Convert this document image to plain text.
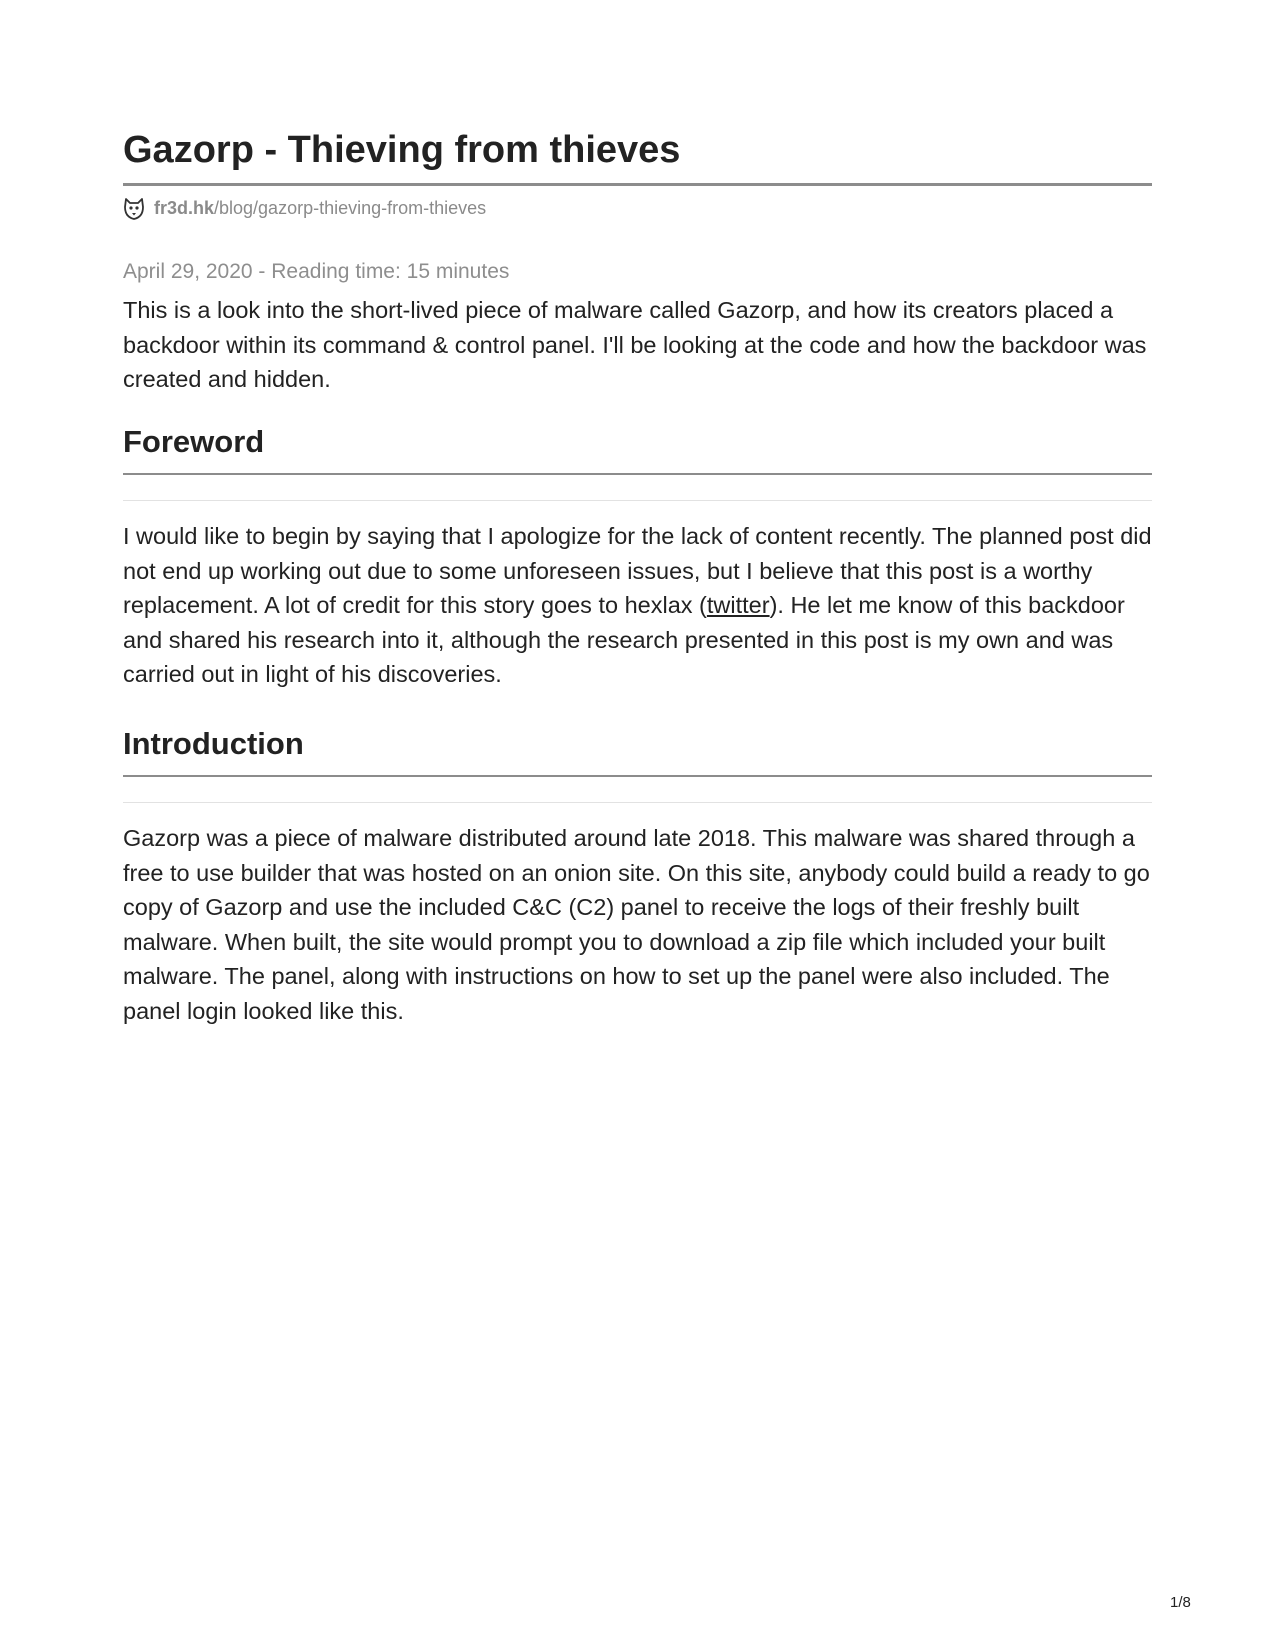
Gazorp - Thieving from thieves
fr3d.hk /blog/gazorp-thieving-from-thieves
April 29, 2020 - Reading time: 15 minutes

This is a look into the short-lived piece of malware called Gazorp, and how its creators placed a backdoor within its command & control panel. I'll be looking at the code and how the backdoor was created and hidden.

Foreword

I would like to begin by saying that I apologize for the lack of content recently. The planned post did not end up working out due to some unforeseen issues, but I believe that this post is a worthy replacement. A lot of credit for this story goes to hexlax (twitter). He let me know of this backdoor and shared his research into it, although the research presented in this post is my own and was carried out in light of his discoveries.

Introduction

Gazorp was a piece of malware distributed around late 2018. This malware was shared through a free to use builder that was hosted on an onion site. On this site, anybody could build a ready to go copy of Gazorp and use the included C&C (C2) panel to receive the logs of their freshly built malware. When built, the site would prompt you to download a zip file which included your built malware. The panel, along with instructions on how to set up the panel were also included. The panel login looked like this.

1/8
